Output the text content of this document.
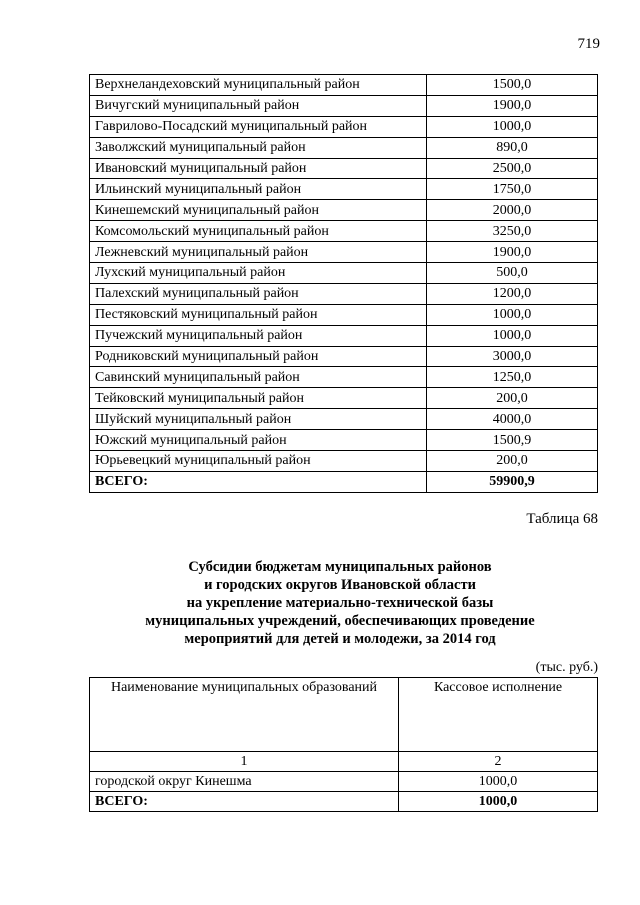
719
Верхнеландеховский муниципальный район	1500,0
Вичугский муниципальный район	1900,0
Гаврилово-Посадский муниципальный район	1000,0
Заволжский муниципальный район	890,0
Ивановский муниципальный район	2500,0
Ильинский муниципальный район	1750,0
Кинешемский муниципальный район	2000,0
Комсомольский муниципальный район	3250,0
Лежневский муниципальный район	1900,0
Лухский муниципальный район	500,0
Палехский муниципальный район	1200,0
Пестяковский муниципальный район	1000,0
Пучежский муниципальный район	1000,0
Родниковский муниципальный район	3000,0
Савинский муниципальный район	1250,0
Тейковский муниципальный район	200,0
Шуйский муниципальный район	4000,0
Южский муниципальный район	1500,9
Юрьевецкий муниципальный район	200,0
ВСЕГО:	59900,9
Таблица 68
Субсидии бюджетам муниципальных районов
и городских округов Ивановской области
на укрепление материально-технической базы
муниципальных учреждений, обеспечивающих проведение
мероприятий для детей и молодежи, за 2014 год
(тыс. руб.)
Наименование муниципальных образований	Кассовое исполнение
1	2
городской округ Кинешма	1000,0
ВСЕГО:	1000,0
